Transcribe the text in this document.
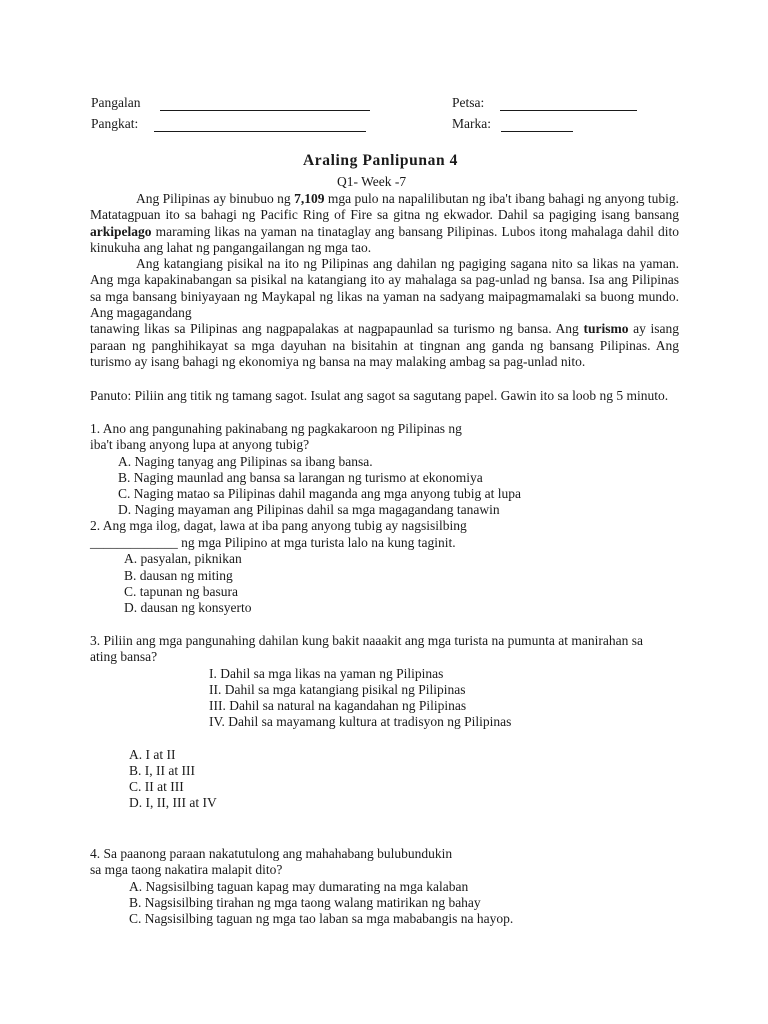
Pangalan	Petsa:
Pangkat:	Marka:
Araling Panlipunan 4
Q1- Week -7

Ang Pilipinas ay binubuo ng 7,109 mga pulo na napalilibutan ng iba't ibang bahagi ng anyong tubig. Matatagpuan ito sa bahagi ng Pacific Ring of Fire sa gitna ng ekwador. Dahil sa pagiging isang bansang arkipelago maraming likas na yaman na tinataglay ang bansang Pilipinas. Lubos itong mahalaga dahil dito kinukuha ang lahat ng pangangailangan ng mga tao.

Ang katangiang pisikal na ito ng Pilipinas ang dahilan ng pagiging sagana nito sa likas na yaman. Ang mga kapakinabangan sa pisikal na katangiang ito ay mahalaga sa pag-unlad ng bansa. Isa ang Pilipinas sa mga bansang biniyayaan ng Maykapal ng likas na yaman na sadyang maipagmamalaki sa buong mundo. Ang magagandang

tanawing likas sa Pilipinas ang nagpapalakas at nagpapaunlad sa turismo ng bansa. Ang turismo ay isang paraan ng panghihikayat sa mga dayuhan na bisitahin at tingnan ang ganda ng bansang Pilipinas. Ang turismo ay isang bahagi ng ekonomiya ng bansa na may malaking ambag sa pag-unlad nito.

Panuto: Piliin ang titik ng tamang sagot. Isulat ang sagot sa sagutang papel. Gawin ito sa loob ng 5 minuto.
1. Ano ang pangunahing pakinabang ng pagkakaroon ng Pilipinas ng
iba't ibang anyong lupa at anyong tubig?
A. Naging tanyag ang Pilipinas sa ibang bansa.
B. Naging maunlad ang bansa sa larangan ng turismo at ekonomiya
C. Naging matao sa Pilipinas dahil maganda ang mga anyong tubig at lupa
D. Naging mayaman ang Pilipinas dahil sa mga magagandang tanawin
2. Ang mga ilog, dagat, lawa at iba pang anyong tubig ay nagsisilbing
_____________ ng mga Pilipino at mga turista lalo na kung taginit.
A. pasyalan, piknikan
B. dausan ng miting
C. tapunan ng basura
D. dausan ng konsyerto
3. Piliin ang mga pangunahing dahilan kung bakit naaakit ang mga turista na pumunta at manirahan sa
ating bansa?
I. Dahil sa mga likas na yaman ng Pilipinas
II. Dahil sa mga katangiang pisikal ng Pilipinas
III. Dahil sa natural na kagandahan ng Pilipinas
IV. Dahil sa mayamang kultura at tradisyon ng Pilipinas
A. I at II
B. I, II at III
C. II at III
D. I, II, III at IV
4. Sa paanong paraan nakatutulong ang mahahabang bulubundukin
sa mga taong nakatira malapit dito?
A. Nagsisilbing taguan kapag may dumarating na mga kalaban
B. Nagsisilbing tirahan ng mga taong walang matirikan ng bahay
C. Nagsisilbing taguan ng mga tao laban sa mga mababangis na hayop.
